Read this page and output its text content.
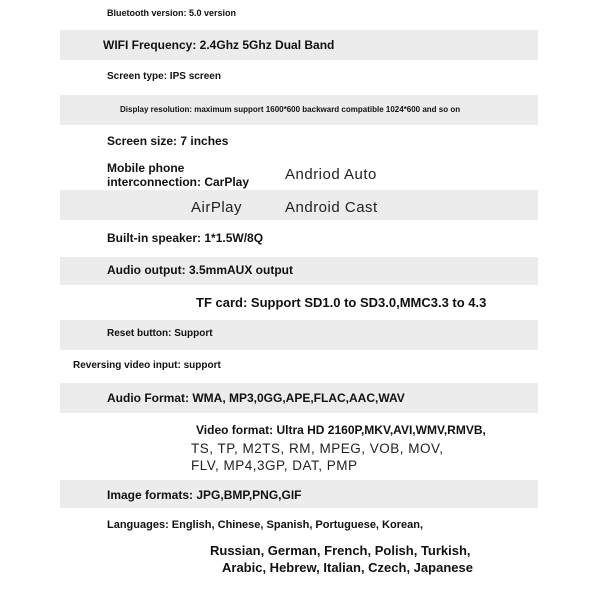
Bluetooth version: 5.0 version
WIFI Frequency: 2.4Ghz 5Ghz Dual Band
Screen type: IPS screen
Display resolution: maximum support 1600*600 backward compatible 1024*600 and so on
Screen size: 7 inches
Mobile phone
interconnection: CarPlay Andriod Auto
AirPlay	Android Cast
Built-in speaker: 1*1.5W/8Q
Audio output: 3.5mmAUX output
TF card: Support SD1.0 to SD3.0,MMC3.3 to 4.3
Reset button: Support
Reversing video input: support
Audio Format: WMA, MP3,0GG,APE,FLAC,AAC,WAV
Video format: Ultra HD 2160P,MKV,AVI,WMV,RMVB,
TS, TP, M2TS, RM, MPEG, VOB, MOV,
FLV, MP4,3GP, DAT, PMP
Image formats: JPG,BMP,PNG,GIF
Languages: English, Chinese, Spanish, Portuguese, Korean,
Russian, German, French, Polish, Turkish,
Arabic, Hebrew, Italian, Czech, Japanese
